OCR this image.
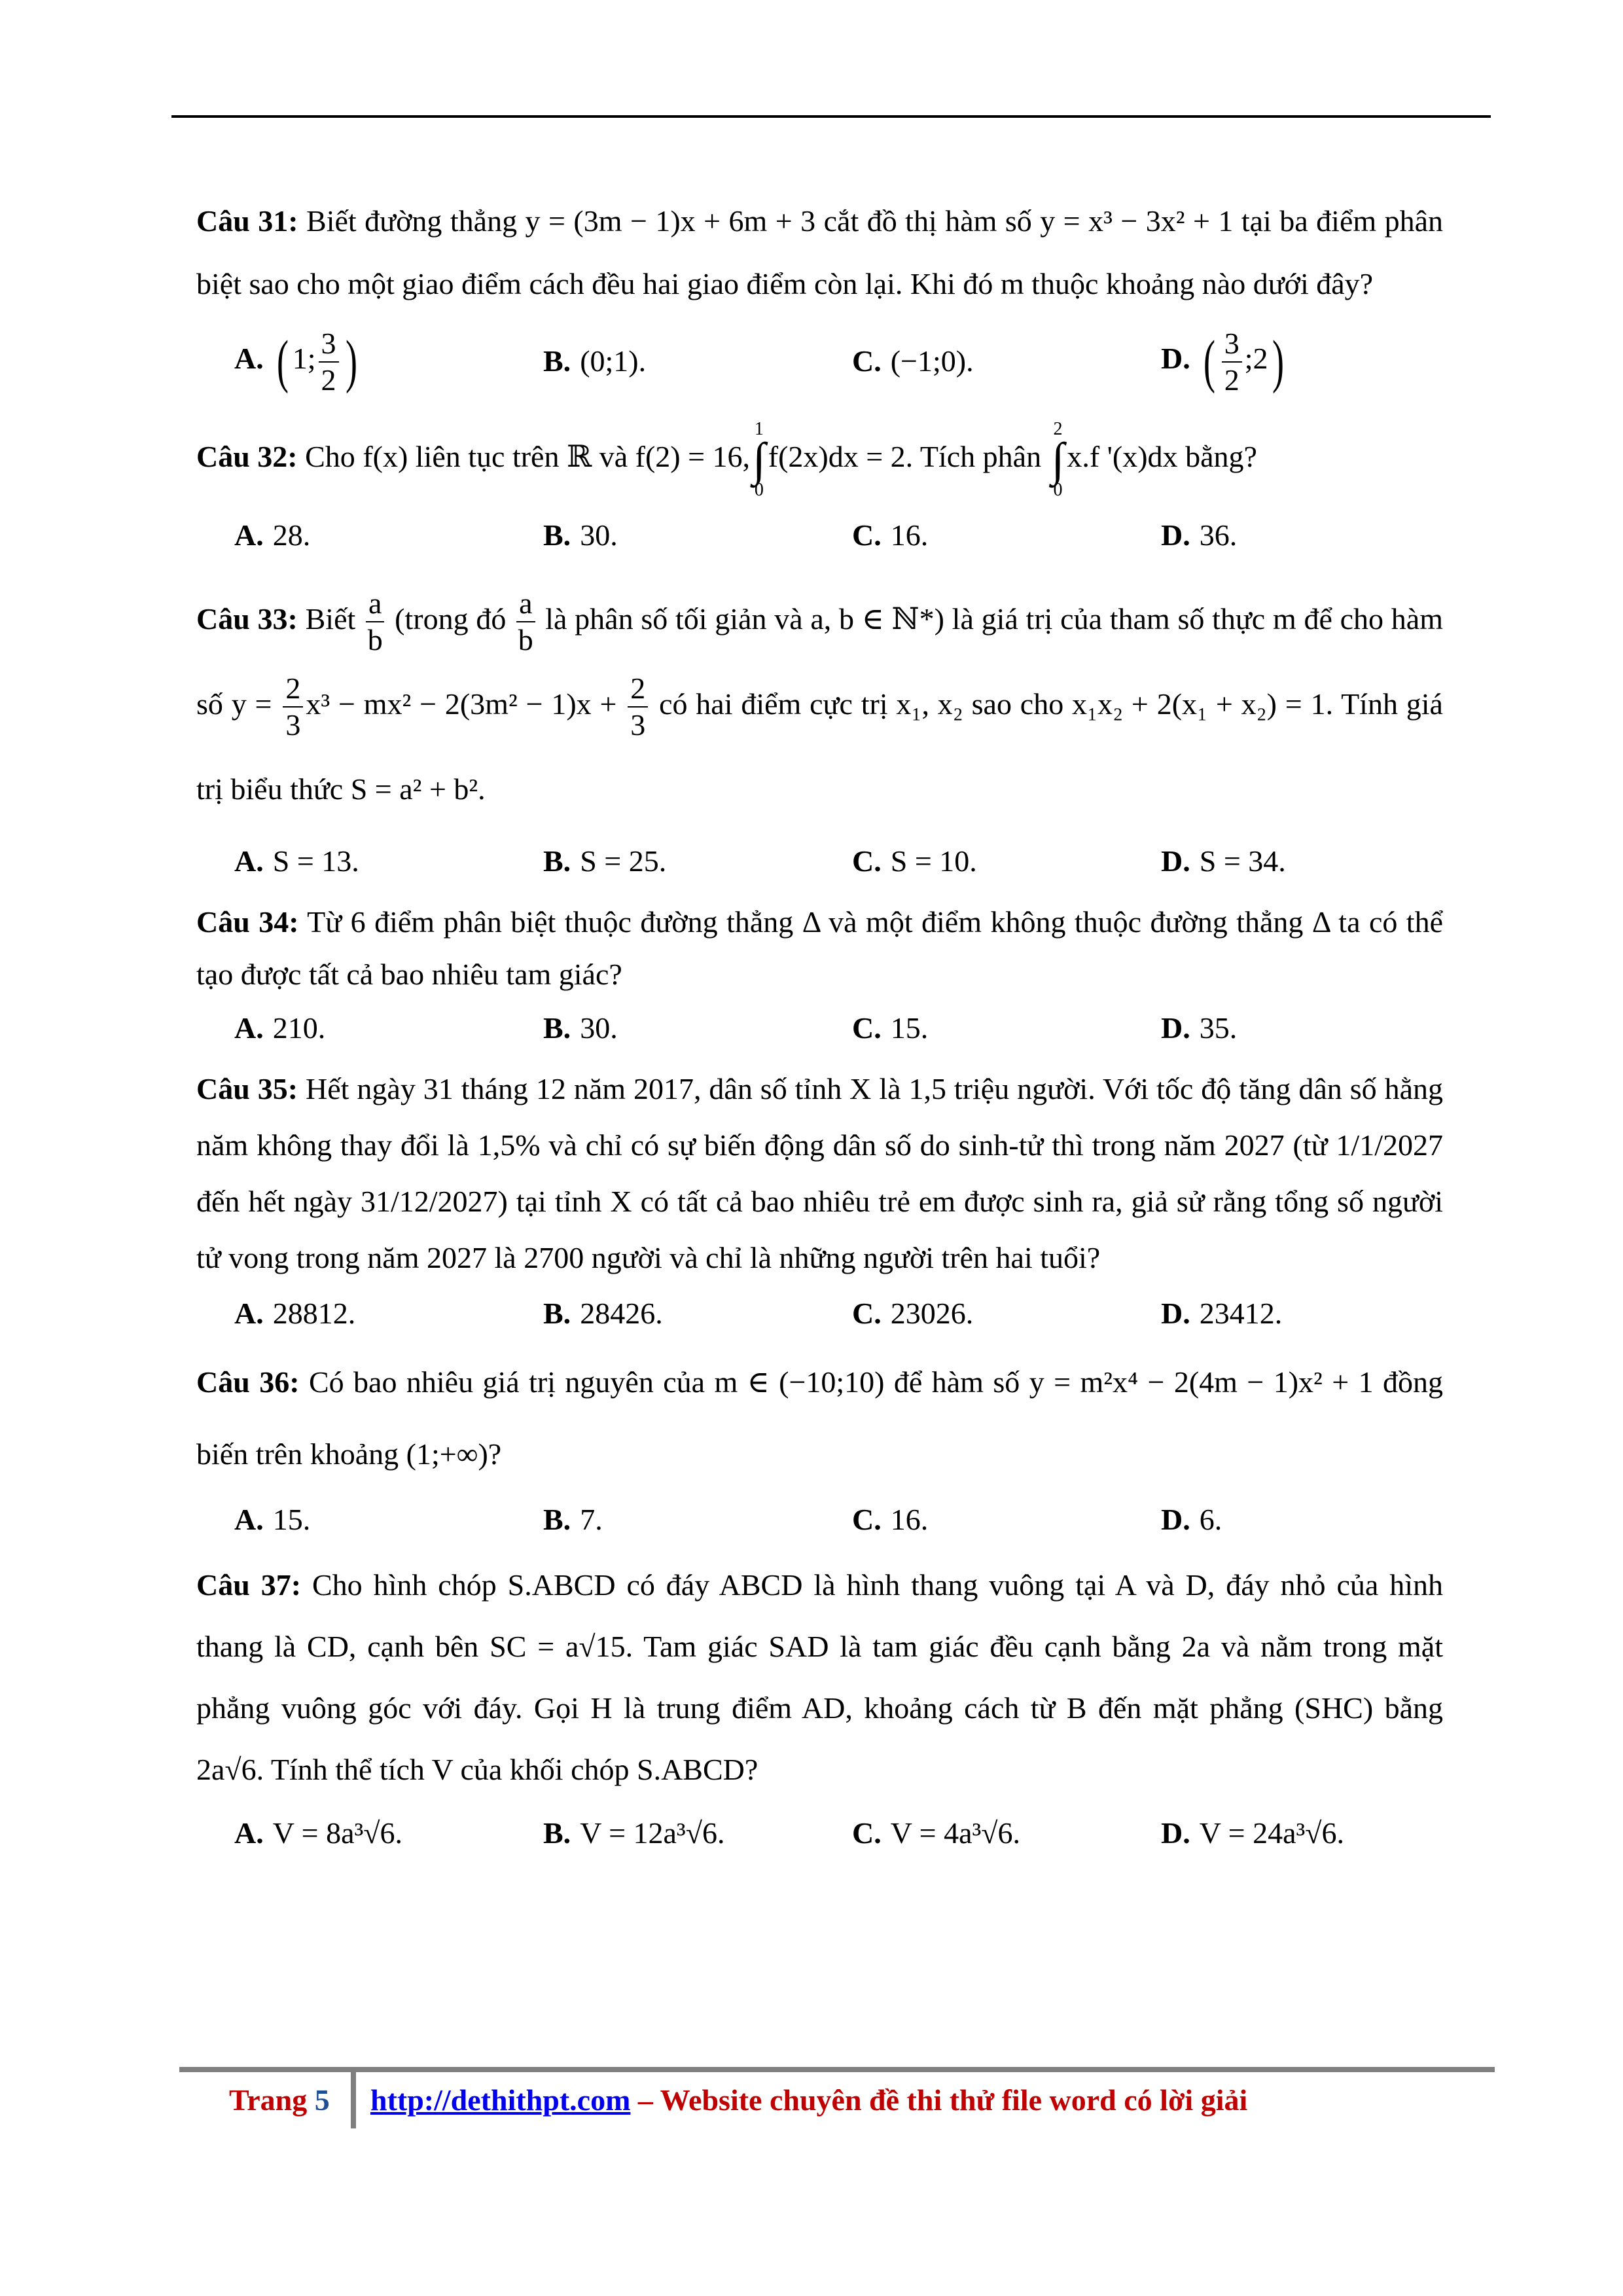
Câu 31: Biết đường thẳng y = (3m − 1)x + 6m + 3 cắt đồ thị hàm số y = x³ − 3x² + 1 tại ba điểm phân biệt sao cho một giao điểm cách đều hai giao điểm còn lại. Khi đó m thuộc khoảng nào dưới đây?

A. ( 1; $\frac{3}{2}$ )	B. (0;1).	C. (−1;0).	D. ( $\frac{3}{2}$ ;2)

Câu 32: Cho f(x) liên tục trên ℝ và f(2) = 16,
1
∫
0
f(2x)dx = 2. Tích phân
2
∫
0
x.f '(x)dx bằng?

A. 28.	B. 30.	C. 16.	D. 36.

Câu 33: Biết $\frac{a}{b}$ (trong đó $\frac{a}{b}$ là phân số tối giản và a, b ∈ ℕ*) là giá trị của tham số thực m để cho hàm số $y = \frac{2}{3} x^3 - mx^2 - 2(3m^2 - 1)x + \frac{2}{3}$ có hai điểm cực trị x₁, x₂ sao cho x₁x₂ + 2(x₁ + x₂) = 1. Tính giá trị biểu thức S = a² + b².

A. S = 13.	B. S = 25.	C. S = 10.	D. S = 34.

Câu 34: Từ 6 điểm phân biệt thuộc đường thẳng Δ và một điểm không thuộc đường thẳng Δ ta có thể tạo được tất cả bao nhiêu tam giác?

A. 210.	B. 30.	C. 15.	D. 35.

Câu 35: Hết ngày 31 tháng 12 năm 2017, dân số tỉnh X là 1,5 triệu người. Với tốc độ tăng dân số hằng năm không thay đổi là 1,5% và chỉ có sự biến động dân số do sinh-tử thì trong năm 2027 (từ 1/1/2027 đến hết ngày 31/12/2027) tại tỉnh X có tất cả bao nhiêu trẻ em được sinh ra, giả sử rằng tổng số người tử vong trong năm 2027 là 2700 người và chỉ là những người trên hai tuổi?

A. 28812.	B. 28426.	C. 23026.	D. 23412.

Câu 36: Có bao nhiêu giá trị nguyên của m ∈ (−10;10) để hàm số y = m²x⁴ − 2(4m − 1)x² + 1 đồng biến trên khoảng (1;+∞)?

A. 15.	B. 7.	C. 16.	D. 6.

Câu 37: Cho hình chóp S.ABCD có đáy ABCD là hình thang vuông tại A và D, đáy nhỏ của hình thang là CD, cạnh bên SC = a√15. Tam giác SAD là tam giác đều cạnh bằng 2a và nằm trong mặt phẳng vuông góc với đáy. Gọi H là trung điểm AD, khoảng cách từ B đến mặt phẳng (SHC) bằng 2a√6. Tính thể tích V của khối chóp S.ABCD?

A. V = 8a³√6.	B. V = 12a³√6.	C. V = 4a³√6.	D. V = 24a³√6.
Trang 5 http://dethithpt.com – Website chuyên đề thi thử file word có lời giải
